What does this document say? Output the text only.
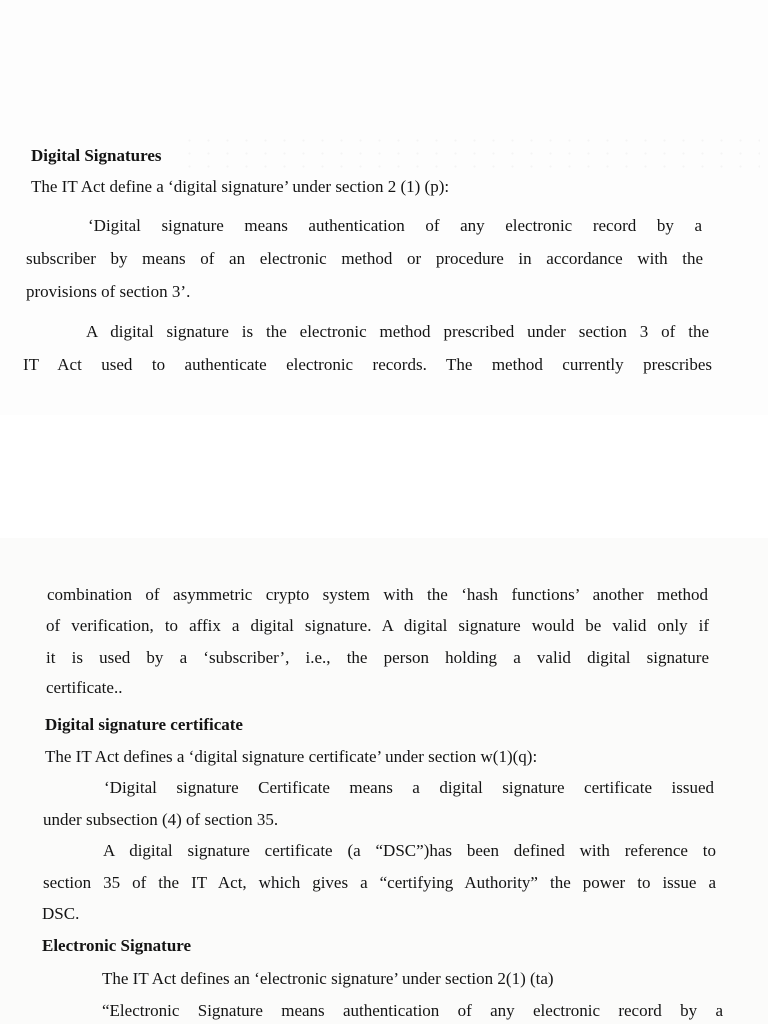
Digital Signatures

The IT Act define a ‘digital signature’ under section 2 (1) (p):

‘Digital signature means authentication of any electronic record by a

subscriber by means of an electronic method or procedure in accordance with the

provisions of section 3’.

A digital signature is the electronic method prescribed under section 3 of the

IT Act used to authenticate electronic records. The method currently prescribes

combination of asymmetric crypto system with the ‘hash functions’ another method

of verification, to affix a digital signature. A digital signature would be valid only if

it is used by a ‘subscriber’, i.e., the person holding a valid digital signature

certificate..

Digital signature certificate

The IT Act defines a ‘digital signature certificate’ under section w(1)(q):

‘Digital signature Certificate means a digital signature certificate issued

under subsection (4) of section 35.

A digital signature certificate (a “DSC”)has been defined with reference to

section 35 of the IT Act, which gives a “certifying Authority” the power to issue a

DSC.

Electronic Signature

The IT Act defines an ‘electronic signature’ under section 2(1) (ta)

“Electronic Signature means authentication of any electronic record by a
